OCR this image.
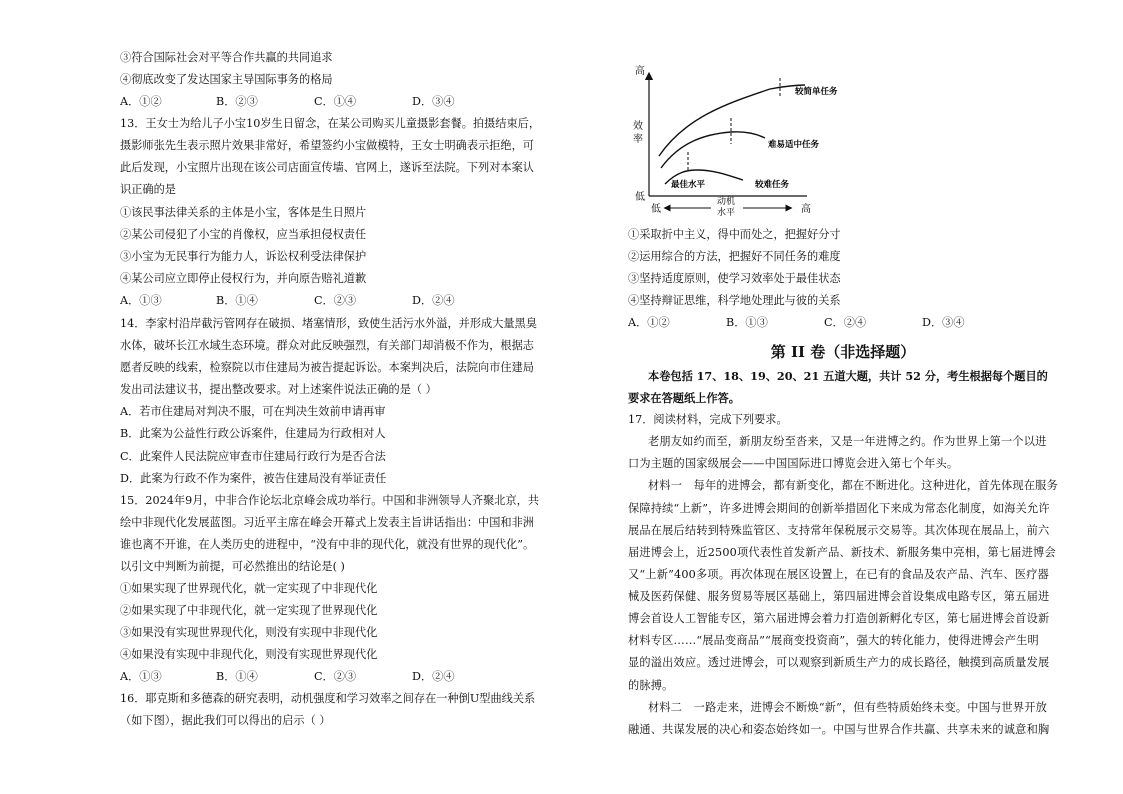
③符合国际社会对平等合作共赢的共同追求
④彻底改变了发达国家主导国际事务的格局
A．①②	B．②③	C．①④	D．③④
13．王女士为给儿子小宝10岁生日留念，在某公司购买儿童摄影套餐。拍摄结束后，
摄影师张先生表示照片效果非常好，希望签约小宝做模特，王女士明确表示拒绝，可
此后发现，小宝照片出现在该公司店面宣传墙、官网上，遂诉至法院。下列对本案认
识正确的是
①该民事法律关系的主体是小宝，客体是生日照片
②某公司侵犯了小宝的肖像权，应当承担侵权责任
③小宝为无民事行为能力人，诉讼权利受法律保护
④某公司应立即停止侵权行为，并向原告赔礼道歉
A．①③	B．①④	C．②③	D．②④
14．李家村沿岸截污管网存在破损、堵塞情形，致使生活污水外溢，并形成大量黑臭
水体，破坏长江水域生态环境。群众对此反映强烈，有关部门却消极不作为，根据志
愿者反映的线索，检察院以市住建局为被告提起诉讼。本案判决后，法院向市住建局
发出司法建议书，提出整改要求。对上述案件说法正确的是（ ）
A．若市住建局对判决不服，可在判决生效前申请再审
B．此案为公益性行政公诉案件，住建局为行政相对人
C．此案件人民法院应审查市住建局行政行为是否合法
D．此案为行政不作为案件，被告住建局没有举证责任
15．2024年9月，中非合作论坛北京峰会成功举行。中国和非洲领导人齐聚北京，共
绘中非现代化发展蓝图。习近平主席在峰会开幕式上发表主旨讲话指出：中国和非洲
谁也离不开谁，在人类历史的进程中，“没有中非的现代化，就没有世界的现代化”。
以引文中判断为前提，可必然推出的结论是( )
①如果实现了世界现代化，就一定实现了中非现代化
②如果实现了中非现代化，就一定实现了世界现代化
③如果没有实现世界现代化，则没有实现中非现代化
④如果没有实现中非现代化，则没有实现世界现代化
A．①③	B．①④	C．②③	D．②④
16．耶克斯和多德森的研究表明，动机强度和学习效率之间存在一种倒U型曲线关系
（如下图），据此我们可以得出的启示（ ）
高
效
率
低
低
动机
水平	高
较简单任务
难易适中任务
较难任务
最佳水平
①采取折中主义，得中而处之，把握好分寸
②运用综合的方法，把握好不同任务的难度
③坚持适度原则，使学习效率处于最佳状态
④坚持辩证思维，科学地处理此与彼的关系
A．①②	B．①③	C．②④	D．③④
第 II 卷（非选择题）
本卷包括 17、18、19、20、21 五道大题，共计 52 分，考生根据每个题目的
要求在答题纸上作答。
17．阅读材料，完成下列要求。
老朋友如约而至，新朋友纷至沓来，又是一年进博之约。作为世界上第一个以进
口为主题的国家级展会——中国国际进口博览会进入第七个年头。
材料一　每年的进博会，都有新变化，都在不断进化。这种进化，首先体现在服务
保障持续“上新”，许多进博会期间的创新举措固化下来成为常态化制度，如海关允许
展品在展后结转到特殊监管区、支持常年保税展示交易等。其次体现在展品上，前六
届进博会上，近2500项代表性首发新产品、新技术、新服务集中亮相，第七届进博会
又“上新”400多项。再次体现在展区设置上，在已有的食品及农产品、汽车、医疗器
械及医药保健、服务贸易等展区基础上，第四届进博会首设集成电路专区，第五届进
博会首设人工智能专区，第六届进博会着力打造创新孵化专区，第七届进博会首设新
材料专区……“展品变商品”“展商变投资商”，强大的转化能力，使得进博会产生明
显的溢出效应。透过进博会，可以观察到新质生产力的成长路径，触摸到高质量发展
的脉搏。
材料二　一路走来，进博会不断焕“新”，但有些特质始终未变。中国与世界开放
融通、共谋发展的决心和姿态始终如一。中国与世界合作共赢、共享未来的诚意和胸
